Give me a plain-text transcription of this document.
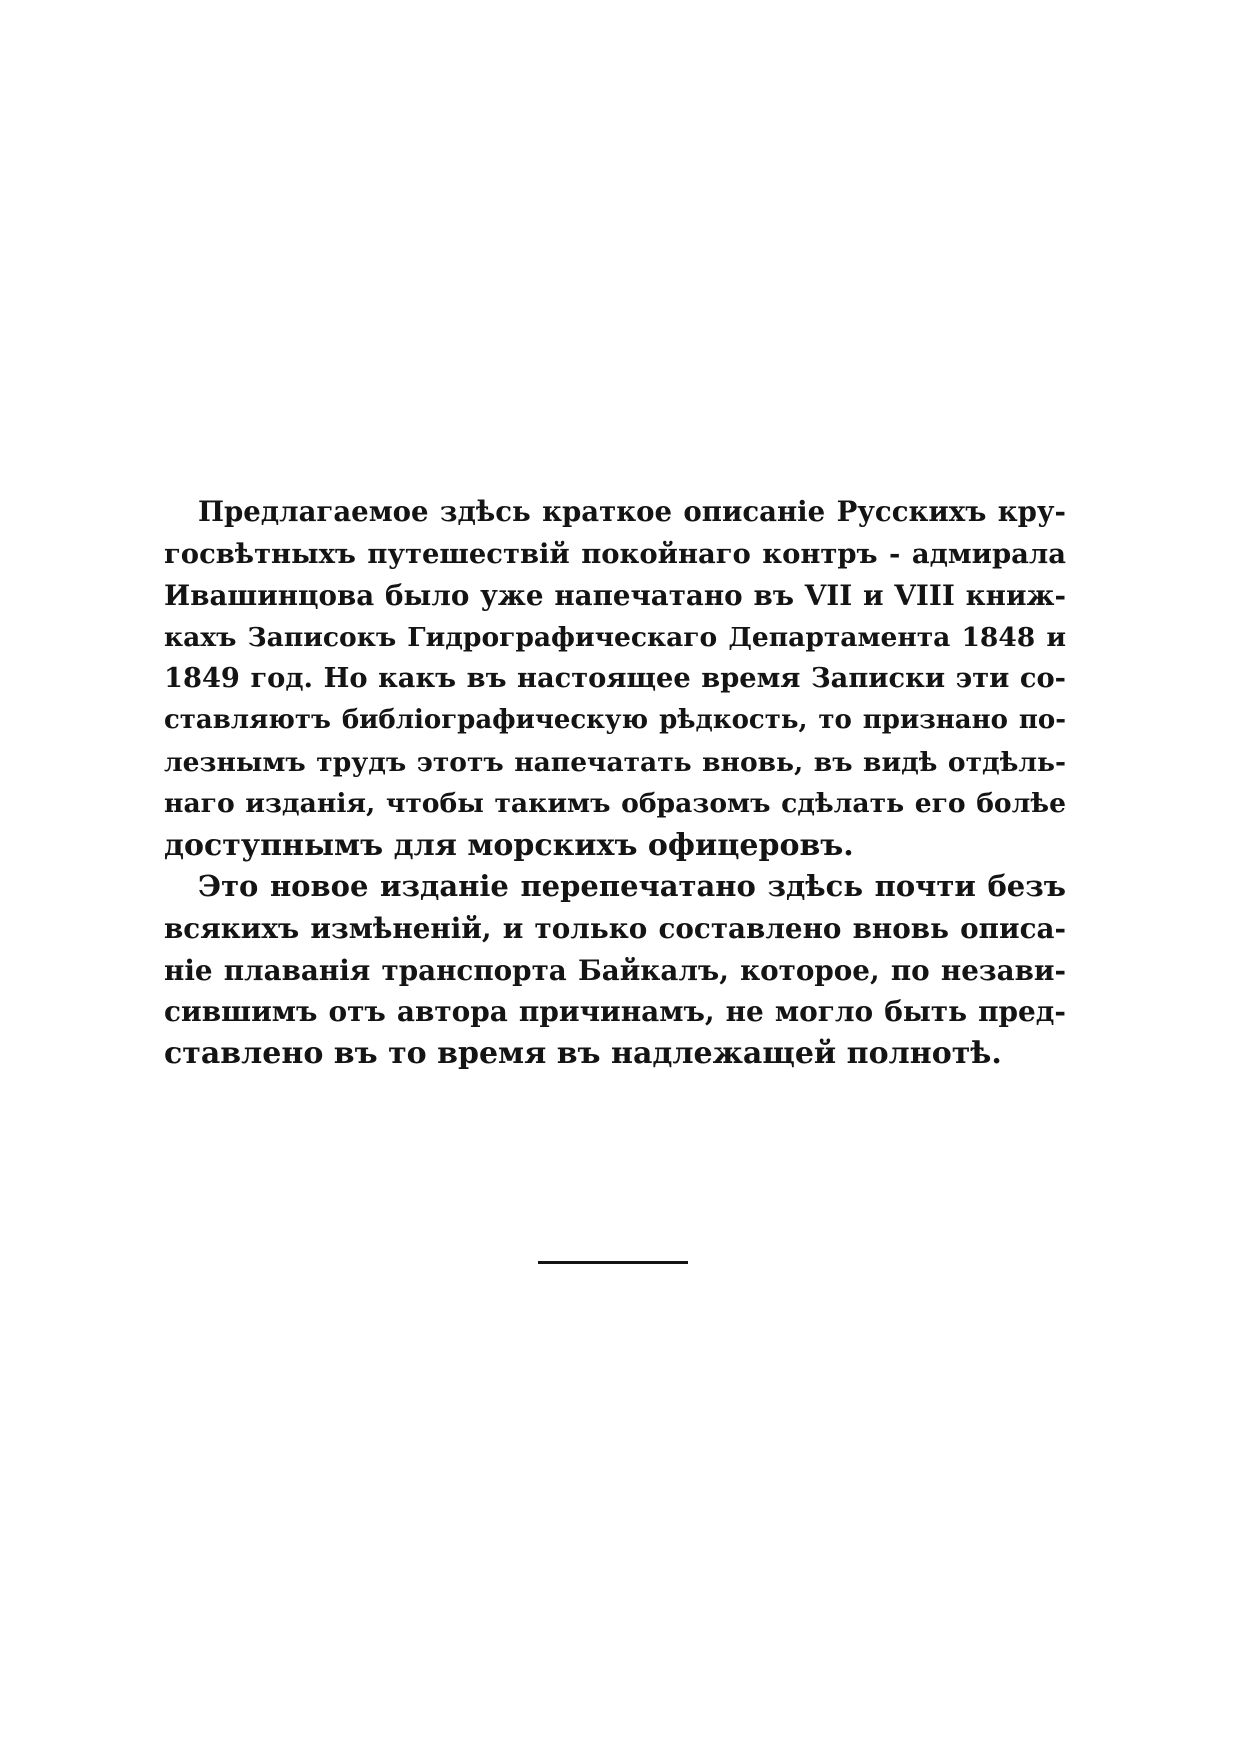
Предлагаемое здѣсь краткое описаніе Русскихъ кру-
госвѣтныхъ путешествій покойнаго контръ - адмирала
Ивашинцова было уже напечатано въ VII и VIII книж-
кахъ Записокъ Гидрографическаго Департамента 1848 и
1849 год. Но какъ въ настоящее время Записки эти со-
ставляютъ библіографическую рѣдкость, то признано по-
лезнымъ трудъ этотъ напечатать вновь, въ видѣ отдѣль-
наго изданія, чтобы такимъ образомъ сдѣлать его болѣе
доступнымъ для морскихъ офицеровъ.
Это новое изданіе перепечатано здѣсь почти безъ
всякихъ измѣненій, и только составлено вновь описа-
ніе плаванія транспорта Байкалъ, которое, по незави-
сившимъ отъ автора причинамъ, не могло быть пред-
ставлено въ то время въ надлежащей полнотѣ.
